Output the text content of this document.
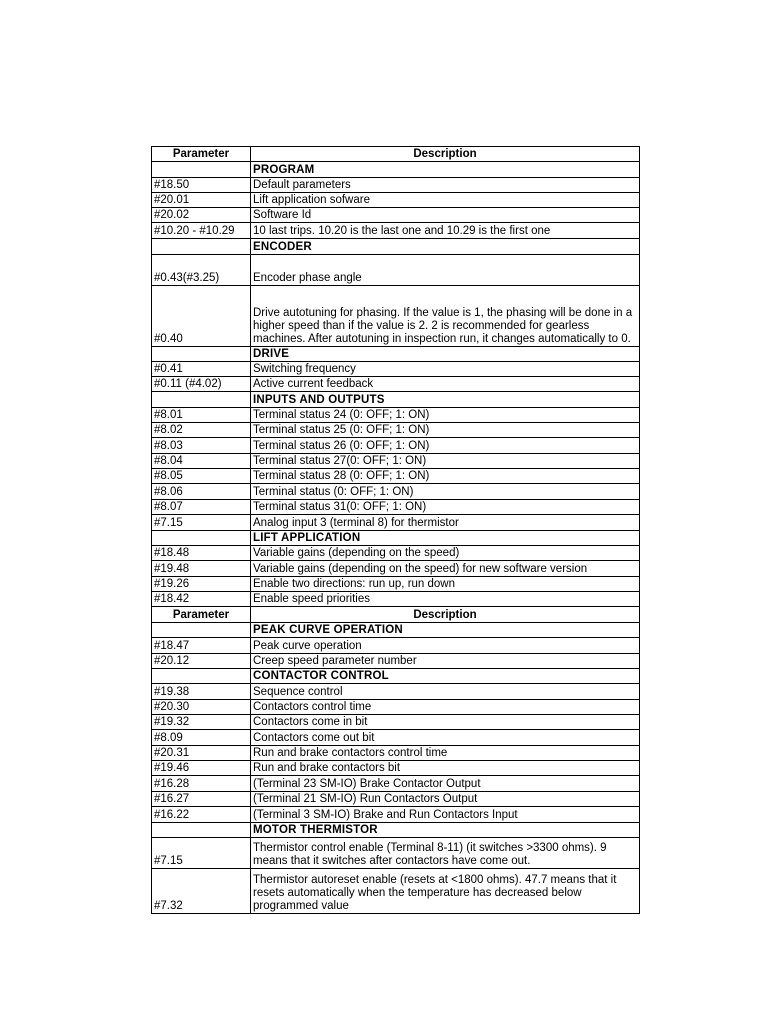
Parameter	Description
	PROGRAM
#18.50	Default parameters
#20.01	Lift application sofware
#20.02	Software Id
#10.20 - #10.29	10 last trips. 10.20 is the last one and 10.29 is the first one
	ENCODER
#0.43(#3.25)	Encoder phase angle
#0.40	Drive autotuning for phasing. If the value is 1, the phasing will be done in a higher speed than if the value is 2. 2 is recommended for gearless machines. After autotuning in inspection run, it changes automatically to 0.
	DRIVE
#0.41	Switching frequency
#0.11 (#4.02)	Active current feedback
	INPUTS AND OUTPUTS
#8.01	Terminal status 24 (0: OFF; 1: ON)
#8.02	Terminal status 25 (0: OFF; 1: ON)
#8.03	Terminal status 26 (0: OFF; 1: ON)
#8.04	Terminal status 27(0: OFF; 1: ON)
#8.05	Terminal status 28 (0: OFF; 1: ON)
#8.06	Terminal status (0: OFF; 1: ON)
#8.07	Terminal status 31(0: OFF; 1: ON)
#7.15	Analog input 3 (terminal 8) for thermistor
	LIFT APPLICATION
#18.48	Variable gains (depending on the speed)
#19.48	Variable gains (depending on the speed) for new software version
#19.26	Enable two directions: run up, run down
#18.42	Enable speed priorities
Parameter	Description
	PEAK CURVE OPERATION
#18.47	Peak curve operation
#20.12	Creep speed parameter number
	CONTACTOR CONTROL
#19.38	Sequence control
#20.30	Contactors control time
#19.32	Contactors come in bit
#8.09	Contactors come out bit
#20.31	Run and brake contactors control time
#19.46	Run and brake contactors bit
#16.28	(Terminal 23 SM-IO) Brake Contactor Output
#16.27	(Terminal 21 SM-IO) Run Contactors Output
#16.22	(Terminal 3 SM-IO) Brake and Run Contactors Input
	MOTOR THERMISTOR
#7.15	Thermistor control enable (Terminal 8-11) (it switches >3300 ohms). 9 means that it switches after contactors have come out.
#7.32	Thermistor autoreset enable (resets at <1800 ohms). 47.7 means that it resets automatically when the temperature has decreased below programmed value
